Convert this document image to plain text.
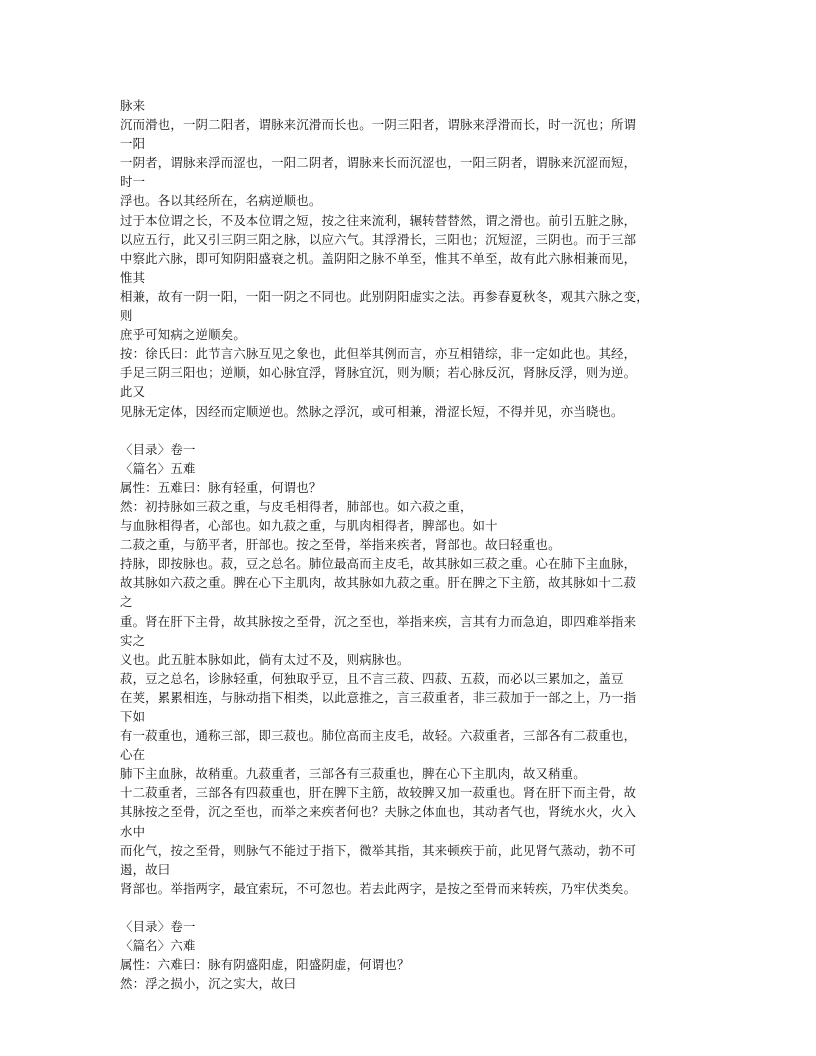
脉来
沉而滑也，一阴二阳者，谓脉来沉滑而长也。一阴三阳者，谓脉来浮滑而长，时一沉也；所谓
一阳
一阴者，谓脉来浮而涩也，一阳二阴者，谓脉来长而沉涩也，一阳三阴者，谓脉来沉涩而短，
时一
浮也。各以其经所在，名病逆顺也。
过于本位谓之长，不及本位谓之短，按之往来流利，辗转替替然，谓之滑也。前引五脏之脉，
以应五行，此又引三阴三阳之脉，以应六气。其浮滑长，三阳也；沉短涩，三阴也。而于三部
中察此六脉，即可知阴阳盛衰之机。盖阴阳之脉不单至，惟其不单至，故有此六脉相兼而见，
惟其
相兼，故有一阴一阳，一阳一阴之不同也。此别阴阳虚实之法。再参春夏秋冬，观其六脉之变，
则
庶乎可知病之逆顺矣。
按：徐氏曰：此节言六脉互见之象也，此但举其例而言，亦互相错综，非一定如此也。其经，
手足三阴三阳也；逆顺，如心脉宜浮，肾脉宜沉，则为顺；若心脉反沉，肾脉反浮，则为逆。
此又
见脉无定体，因经而定顺逆也。然脉之浮沉，或可相兼，滑涩长短，不得并见，亦当晓也。
〈目录〉卷一
〈篇名〉五难
属性：五难曰：脉有轻重，何谓也？
然：初持脉如三菽之重，与皮毛相得者，肺部也。如六菽之重，
与血脉相得者，心部也。如九菽之重，与肌肉相得者，脾部也。如十
二菽之重，与筋平者，肝部也。按之至骨，举指来疾者，肾部也。故曰轻重也。
持脉，即按脉也。菽，豆之总名。肺位最高而主皮毛，故其脉如三菽之重。心在肺下主血脉，
故其脉如六菽之重。脾在心下主肌肉，故其脉如九菽之重。肝在脾之下主筋，故其脉如十二菽
之
重。肾在肝下主骨，故其脉按之至骨，沉之至也，举指来疾，言其有力而急迫，即四难举指来
实之
义也。此五脏本脉如此，倘有太过不及，则病脉也。
菽，豆之总名，诊脉轻重，何独取乎豆，且不言三菽、四菽、五菽，而必以三累加之，盖豆
在荚，累累相连，与脉动指下相类，以此意推之，言三菽重者，非三菽加于一部之上，乃一指
下如
有一菽重也，通称三部，即三菽也。肺位高而主皮毛，故轻。六菽重者，三部各有二菽重也，
心在
肺下主血脉，故稍重。九菽重者，三部各有三菽重也，脾在心下主肌肉，故又稍重。
十二菽重者，三部各有四菽重也，肝在脾下主筋，故较脾又加一菽重也。肾在肝下而主骨，故
其脉按之至骨，沉之至也，而举之来疾者何也？夫脉之体血也，其动者气也，肾统水火，火入
水中
而化气，按之至骨，则脉气不能过于指下，微举其指，其来顿疾于前，此见肾气蒸动，勃不可
遏，故曰
肾部也。举指两字，最宜索玩，不可忽也。若去此两字，是按之至骨而来转疾，乃牢伏类矣。
〈目录〉卷一
〈篇名〉六难
属性：六难曰：脉有阴盛阳虚，阳盛阴虚，何谓也？
然：浮之损小，沉之实大，故曰
